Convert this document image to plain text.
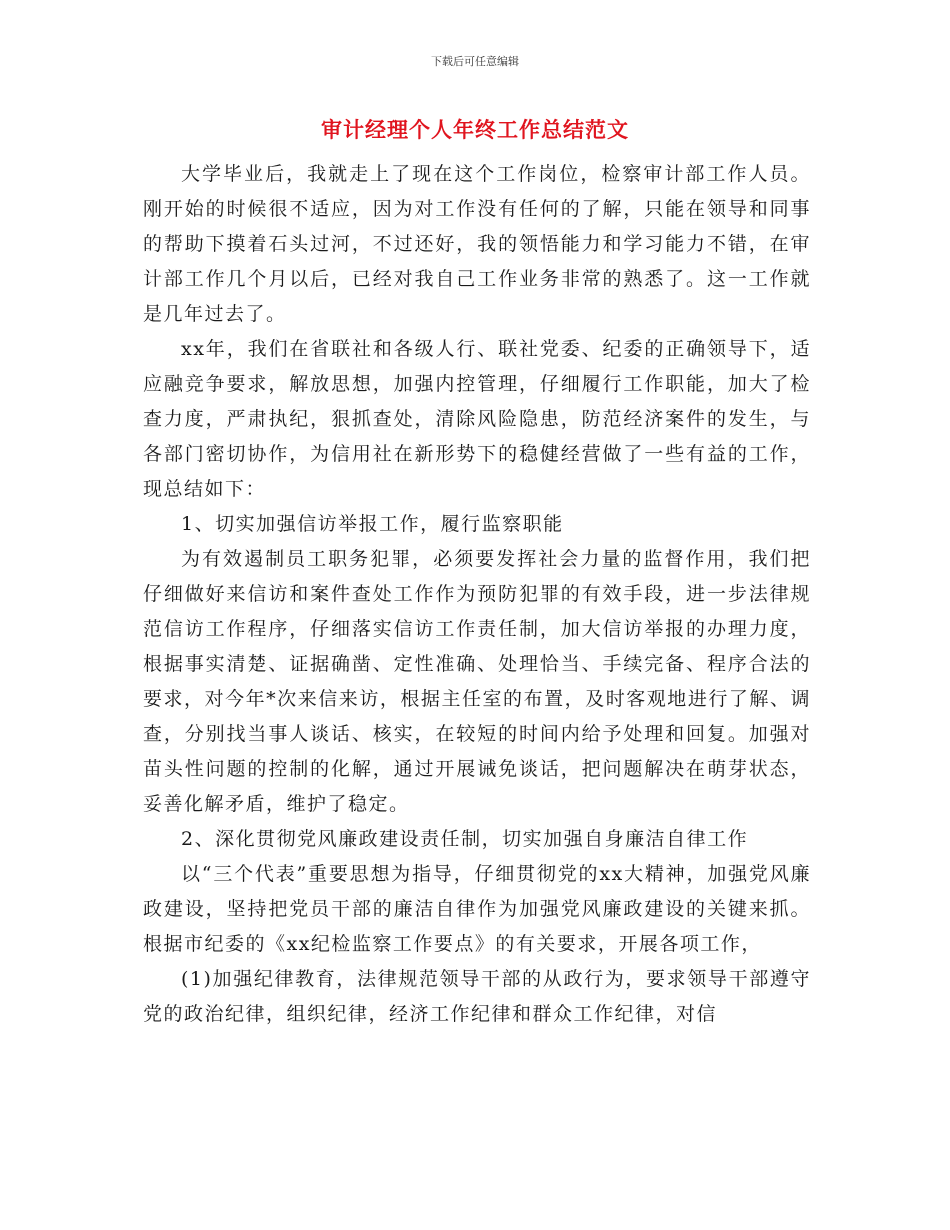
下载后可任意编辑
审计经理个人年终工作总结范文

大学毕业后，我就走上了现在这个工作岗位，检察审计部工作人员。刚开始的时候很不适应，因为对工作没有任何的了解，只能在领导和同事的帮助下摸着石头过河，不过还好，我的领悟能力和学习能力不错，在审计部工作几个月以后，已经对我自己工作业务非常的熟悉了。这一工作就是几年过去了。

xx年，我们在省联社和各级人行、联社党委、纪委的正确领导下，适应融竞争要求，解放思想，加强内控管理，仔细履行工作职能，加大了检查力度，严肃执纪，狠抓查处，清除风险隐患，防范经济案件的发生，与各部门密切协作，为信用社在新形势下的稳健经营做了一些有益的工作，现总结如下：

1、切实加强信访举报工作，履行监察职能

为有效遏制员工职务犯罪，必须要发挥社会力量的监督作用，我们把仔细做好来信访和案件查处工作作为预防犯罪的有效手段，进一步法律规范信访工作程序，仔细落实信访工作责任制，加大信访举报的办理力度，根据事实清楚、证据确凿、定性准确、处理恰当、手续完备、程序合法的要求，对今年*次来信来访，根据主任室的布置，及时客观地进行了解、调查，分别找当事人谈话、核实，在较短的时间内给予处理和回复。加强对苗头性问题的控制的化解，通过开展诫免谈话，把问题解决在萌芽状态，妥善化解矛盾，维护了稳定。

2、深化贯彻党风廉政建设责任制，切实加强自身廉洁自律工作

以“三个代表”重要思想为指导，仔细贯彻党的xx大精神，加强党风廉政建设，坚持把党员干部的廉洁自律作为加强党风廉政建设的关键来抓。根据市纪委的《xx纪检监察工作要点》的有关要求，开展各项工作，

(1)加强纪律教育，法律规范领导干部的从政行为，要求领导干部遵守党的政治纪律，组织纪律，经济工作纪律和群众工作纪律，对信
